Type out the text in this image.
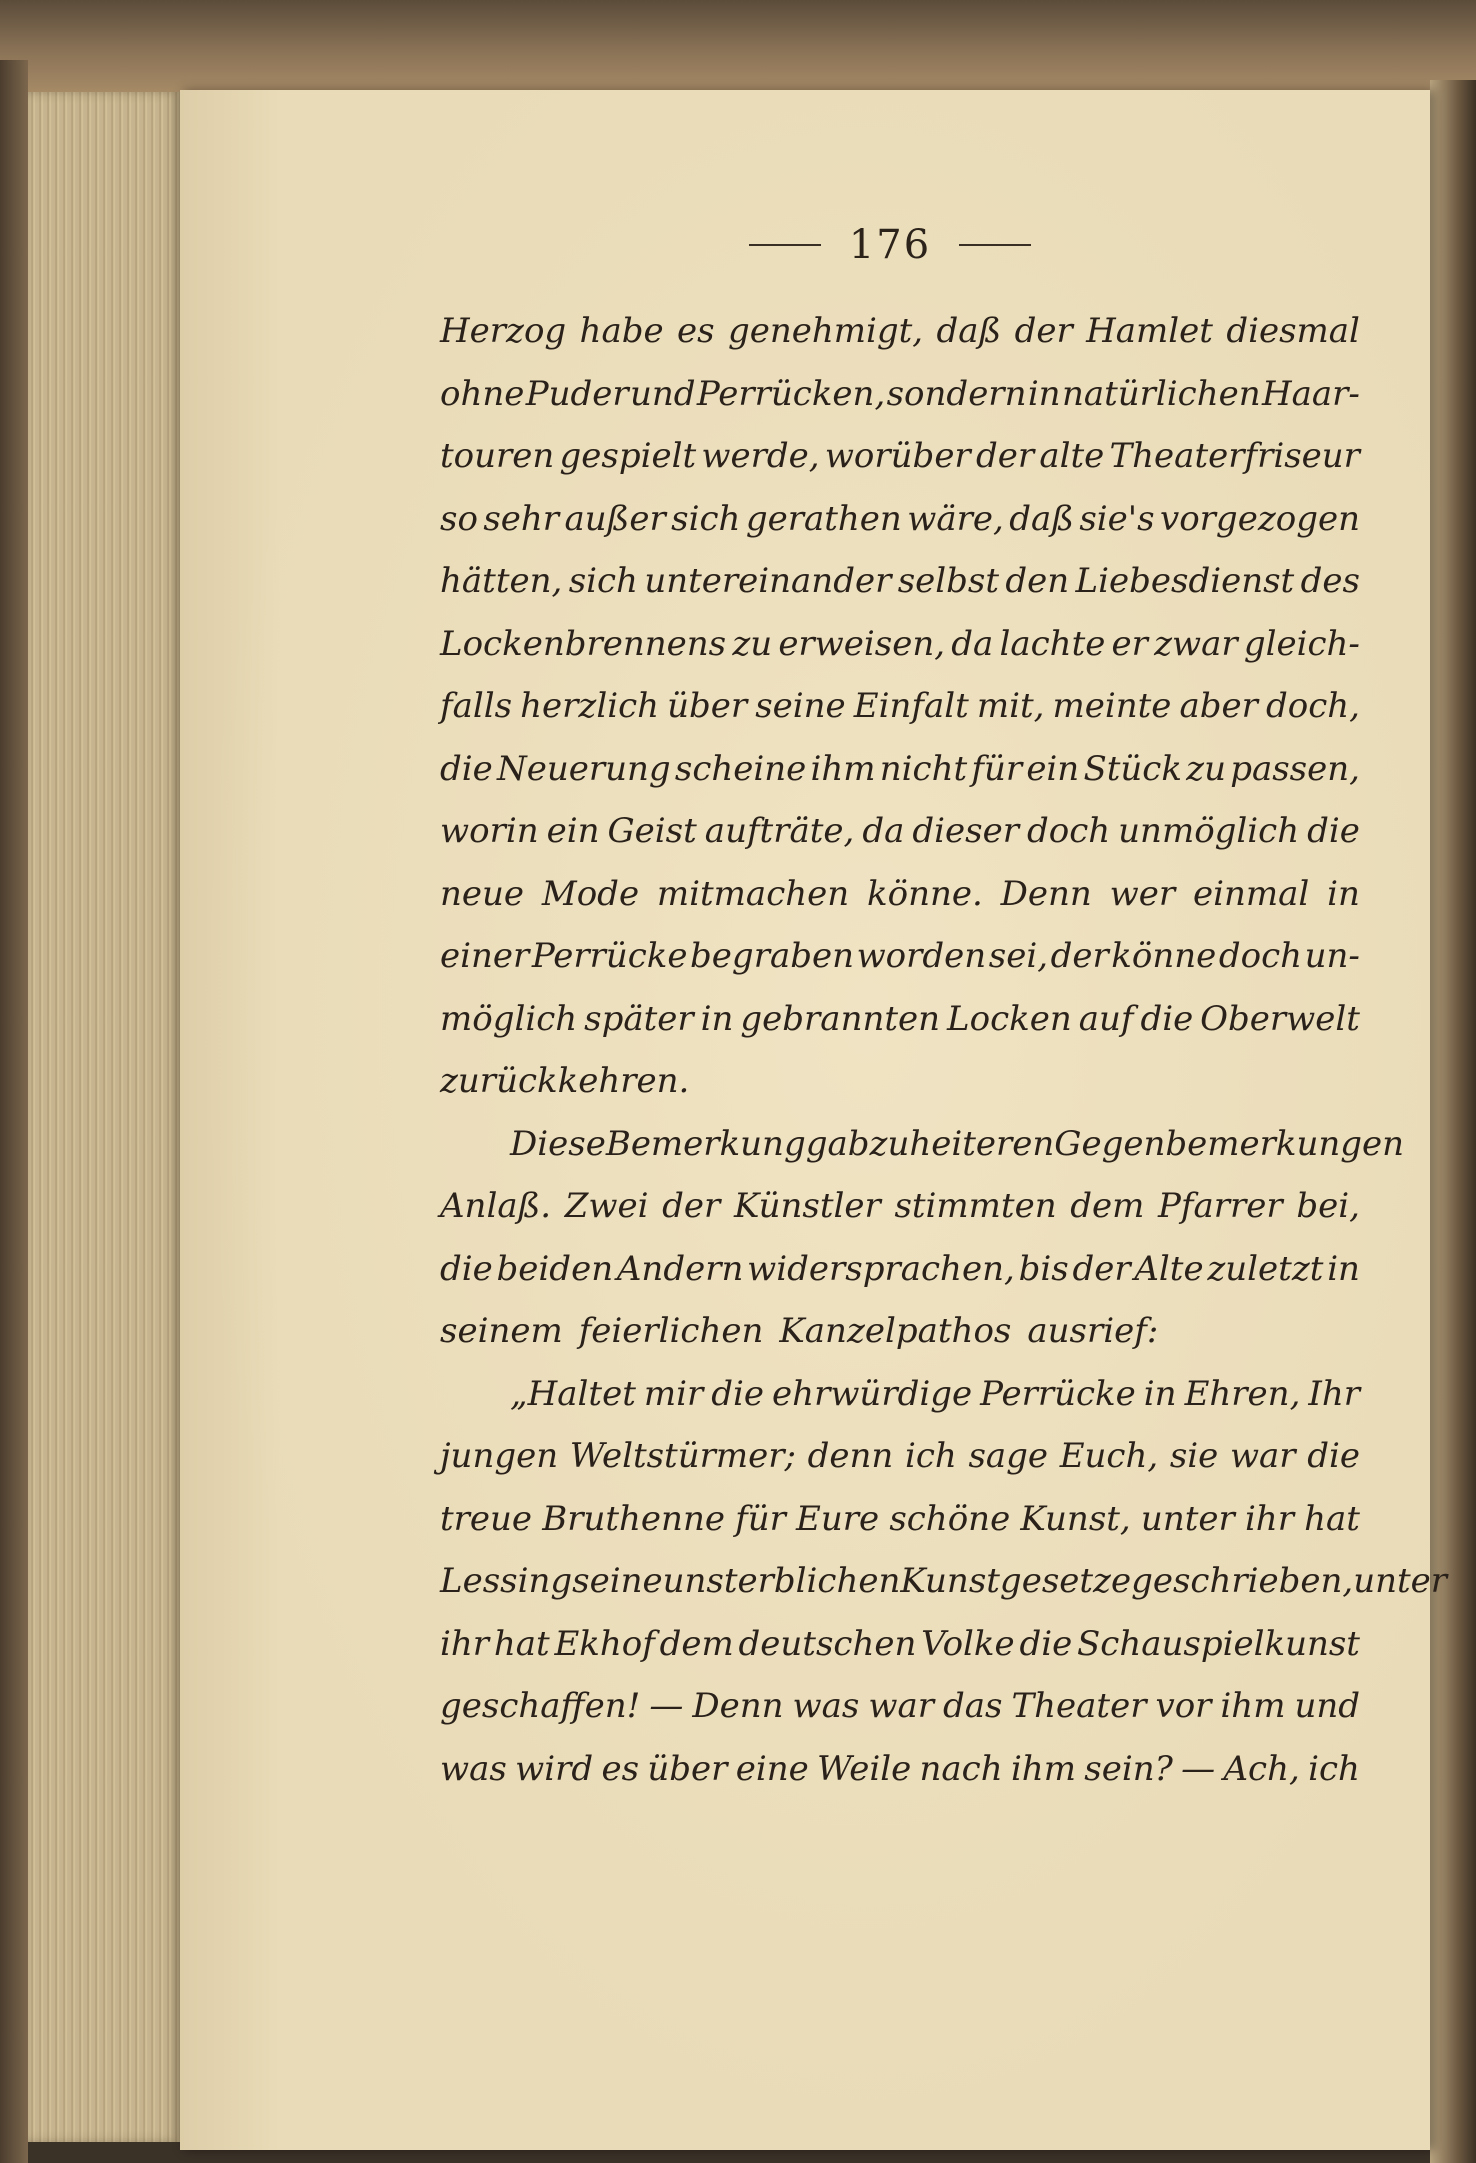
176
Herzog habe es genehmigt, daß der Hamlet diesmal
ohne Puder und Perrücken, sondern in natürlichen Haar-
touren gespielt werde, worüber der alte Theaterfriseur
so sehr außer sich gerathen wäre, daß sie's vorgezogen
hätten, sich untereinander selbst den Liebesdienst des
Lockenbrennens zu erweisen, da lachte er zwar gleich-
falls herzlich über seine Einfalt mit, meinte aber doch,
die Neuerung scheine ihm nicht für ein Stück zu passen,
worin ein Geist aufträte, da dieser doch unmöglich die
neue Mode mitmachen könne. Denn wer einmal in
einer Perrücke begraben worden sei, der könne doch un-
möglich später in gebrannten Locken auf die Oberwelt
zurückkehren.
Diese Bemerkung gab zu heiteren Gegenbemerkungen
Anlaß. Zwei der Künstler stimmten dem Pfarrer bei,
die beiden Andern widersprachen, bis der Alte zuletzt in
seinem feierlichen Kanzelpathos ausrief:
„Haltet mir die ehrwürdige Perrücke in Ehren, Ihr
jungen Weltstürmer; denn ich sage Euch, sie war die
treue Bruthenne für Eure schöne Kunst, unter ihr hat
Lessing seine unsterblichen Kunstgesetze geschrieben, unter
ihr hat Ekhof dem deutschen Volke die Schauspielkunst
geschaffen! — Denn was war das Theater vor ihm und
was wird es über eine Weile nach ihm sein? — Ach, ich
